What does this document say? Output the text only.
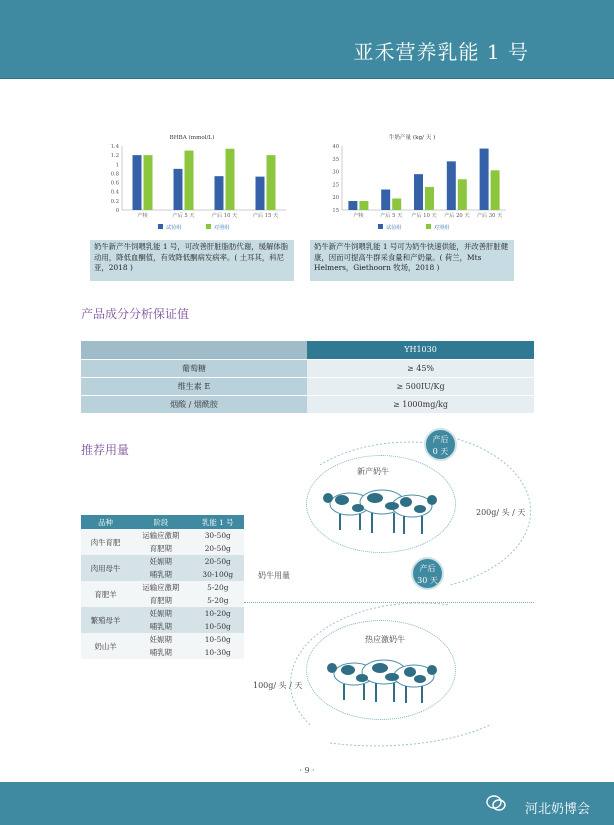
亚禾营养乳能 1 号
BHBA (mmol/L)
0
0.2
0.4
0.6
0.8
1
1.2
1.4
产犊	产后 5 天	产后 10 天	产后 15 天
试验组	对照组
奶牛新产牛饲喂乳能 1 号，可改善肝脏脂肪代谢，缓解体脂动用，降低血酮值，有效降低酮病发病率。( 土耳其，科尼亚，2018 )
牛奶产量 (kg/ 天 )
15
20
25
30
35
40
产犊	产后 5 天 产后 10 天 产后 20 天 产后 30 天
试验组	对照组
奶牛新产牛饲喂乳能 1 号可为奶牛快速供能，并改善肝脏健康，因而可提高牛群采食量和产奶量。( 荷兰，Mts Helmers，Giethoorn 牧场，2018 )
产品成分分析保证值
	YH1030
葡萄糖	≥ 45%
维生素 E	≥ 500IU/Kg
烟酸 / 烟酰胺	≥ 1000mg/kg
推荐用量
品种	阶段	乳能 1 号
肉牛育肥	运输应激期	30-50g
	育肥期	20-50g
肉用母牛	妊娠期	20-50g
	哺乳期	30-100g
育肥羊	运输应激期	5-20g
	育肥期	5-20g
繁殖母羊	妊娠期	10-20g
	哺乳期	10-50g
奶山羊	妊娠期	10-50g
	哺乳期	10-30g
产后
0 天
产后
30 天
新产奶牛
热应激奶牛
200g/ 头 / 天
100g/ 头 / 天
奶牛用量
· 9 ·
河北奶博会
